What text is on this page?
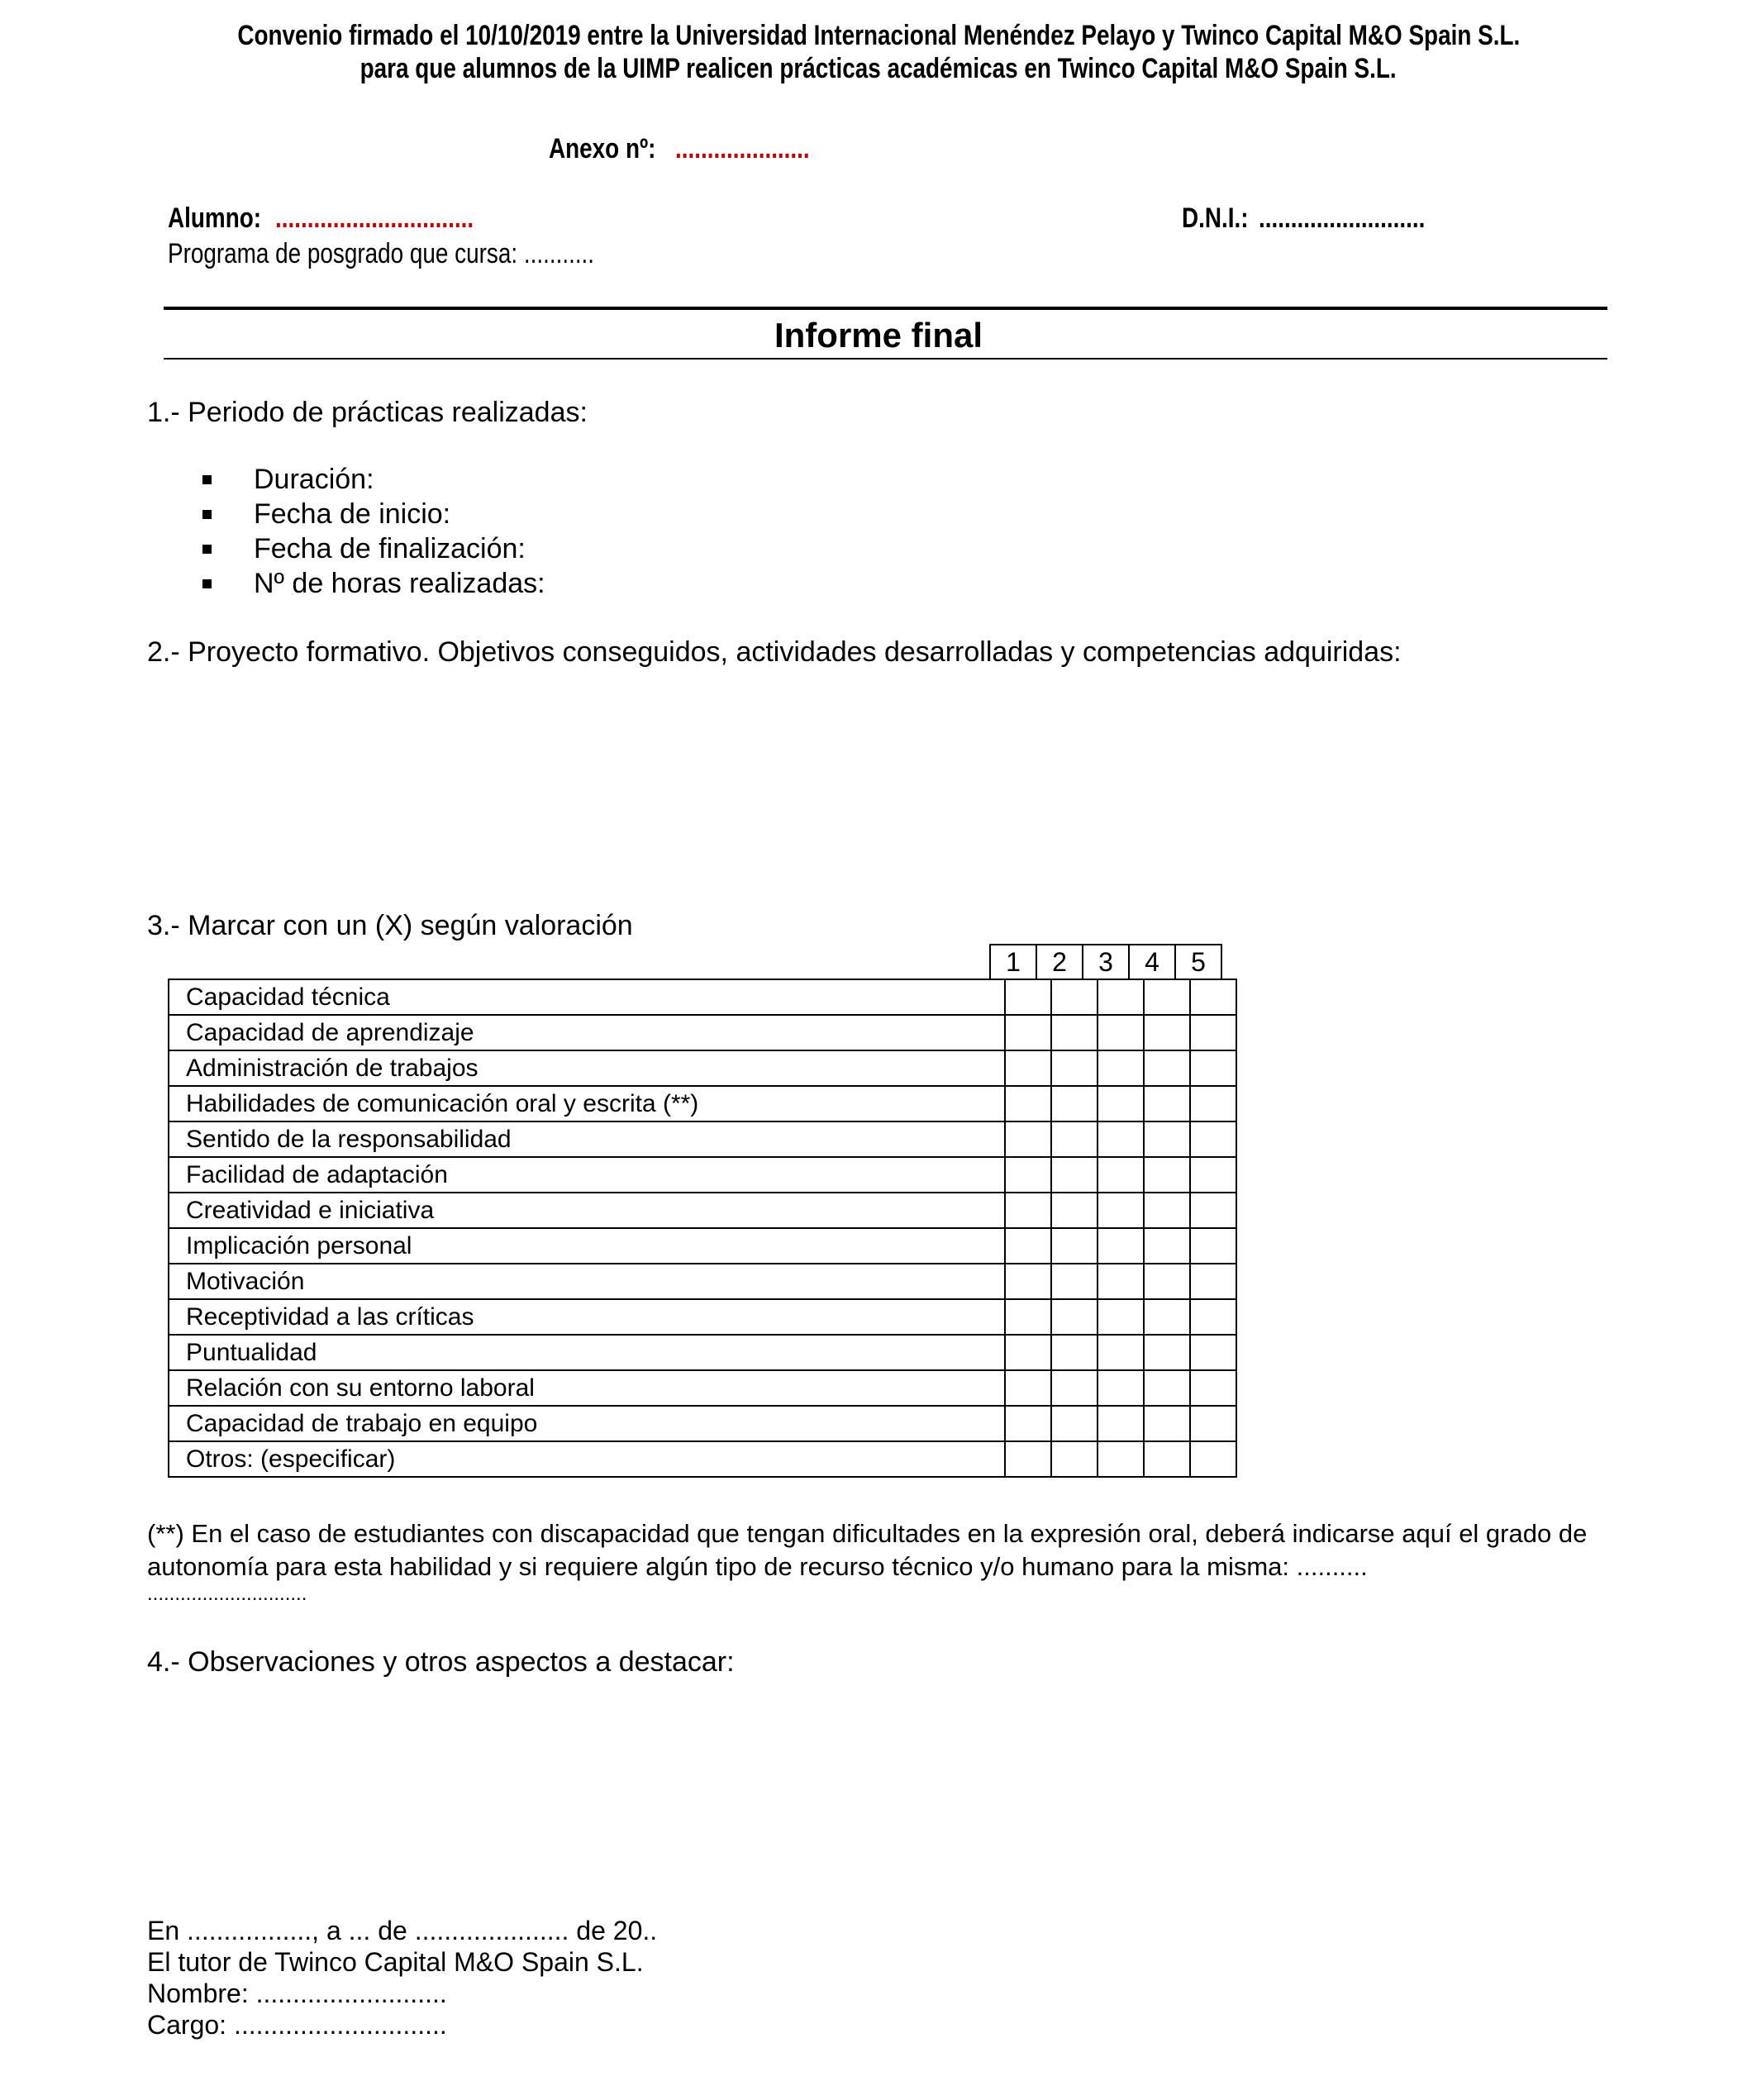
Convenio firmado el 10/10/2019 entre la Universidad Internacional Menéndez Pelayo y Twinco Capital M&O Spain S.L.
para que alumnos de la UIMP realicen prácticas académicas en Twinco Capital M&O Spain S.L.
Anexo nº: .....................
Alumno: ...............................	D.N.I.: ..........................
Programa de posgrado que cursa: ...........
Informe final
1.- Periodo de prácticas realizadas:
Duración:
Fecha de inicio:
Fecha de finalización:
Nº de horas realizadas:
2.- Proyecto formativo. Objetivos conseguidos, actividades desarrolladas y competencias adquiridas:
3.- Marcar con un (X) según valoración
1	2	3	4	5
Capacidad técnica					
Capacidad de aprendizaje					
Administración de trabajos					
Habilidades de comunicación oral y escrita (**)					
Sentido de la responsabilidad					
Facilidad de adaptación					
Creatividad e iniciativa					
Implicación personal					
Motivación					
Receptividad a las críticas					
Puntualidad					
Relación con su entorno laboral					
Capacidad de trabajo en equipo					
Otros: (especificar)					
(**) En el caso de estudiantes con discapacidad que tengan dificultades en la expresión oral, deberá indicarse aquí el grado de
autonomía para esta habilidad y si requiere algún tipo de recurso técnico y/o humano para la misma: ..........
.............................
4.- Observaciones y otros aspectos a destacar:
En ................., a ... de ..................... de 20..
El tutor de Twinco Capital M&O Spain S.L.
Nombre: ..........................
Cargo: .............................
